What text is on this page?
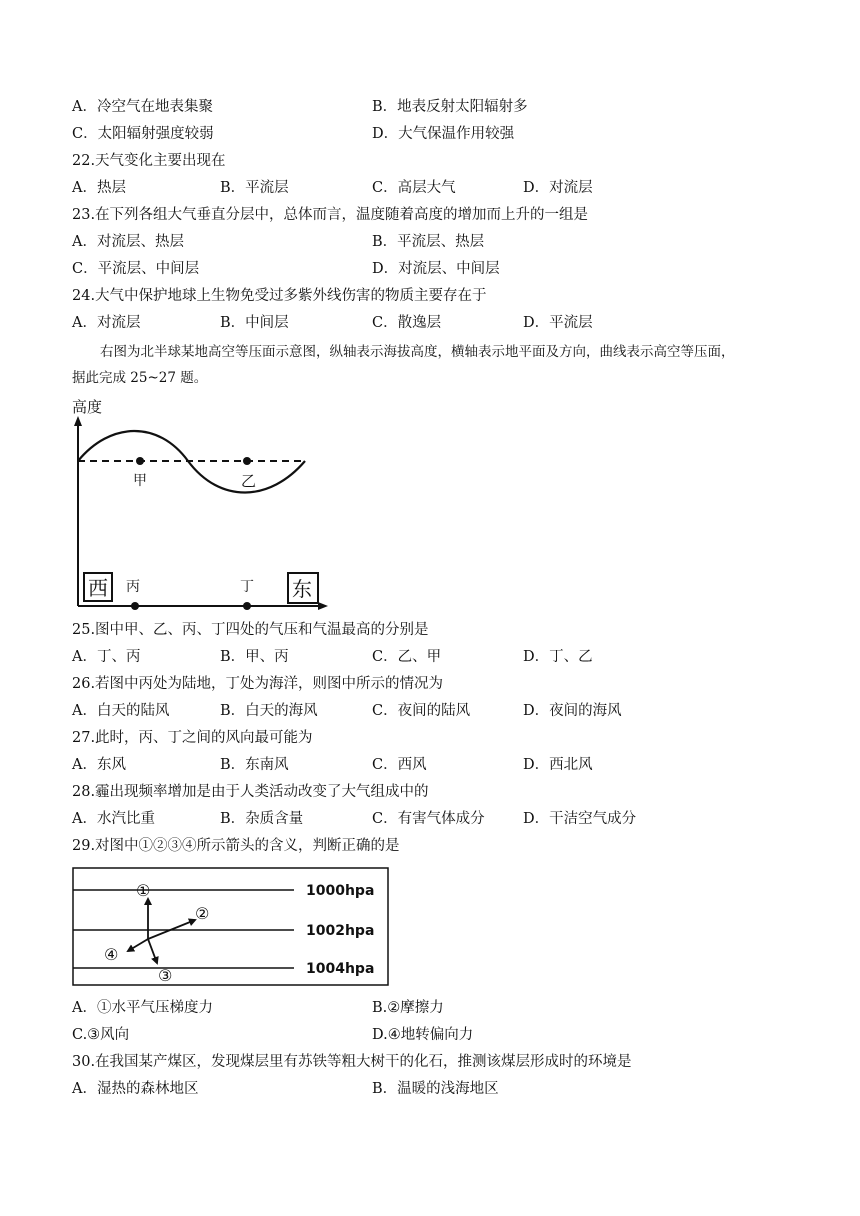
A．冷空气在地表集聚	B．地表反射太阳辐射多
C．太阳辐射强度较弱	D．大气保温作用较强
22.天气变化主要出现在
A．热层	B．平流层	C．高层大气	D．对流层
23.在下列各组大气垂直分层中，总体而言，温度随着高度的增加而上升的一组是
A．对流层、热层	B．平流层、热层
C．平流层、中间层	D．对流层、中间层
24.大气中保护地球上生物免受过多紫外线伤害的物质主要存在于
A．对流层	B．中间层	C．散逸层	D．平流层
右图为北半球某地高空等压面示意图，纵轴表示海拔高度，横轴表示地平面及方向，曲线表示高空等压面，
据此完成 25~27 题。
高度
甲	乙
丙	丁
西	东
25.图中甲、乙、丙、丁四处的气压和气温最高的分别是
A．丁、丙	B．甲、丙	C．乙、甲	D．丁、乙
26.若图中丙处为陆地，丁处为海洋，则图中所示的情况为
A．白天的陆风	B．白天的海风	C．夜间的陆风	D．夜间的海风
27.此时，丙、丁之间的风向最可能为
A．东风	B．东南风	C．西风	D．西北风
28.霾出现频率增加是由于人类活动改变了大气组成中的
A．水汽比重	B．杂质含量	C．有害气体成分	D．干洁空气成分
29.对图中①②③④所示箭头的含义，判断正确的是
1000hpa
1002hpa
1004hpa
①
②
③
④
A．①水平气压梯度力	B.②摩擦力
C.③风向	D.④地转偏向力
30.在我国某产煤区，发现煤层里有苏铁等粗大树干的化石，推测该煤层形成时的环境是
A．湿热的森林地区	B．温暖的浅海地区
